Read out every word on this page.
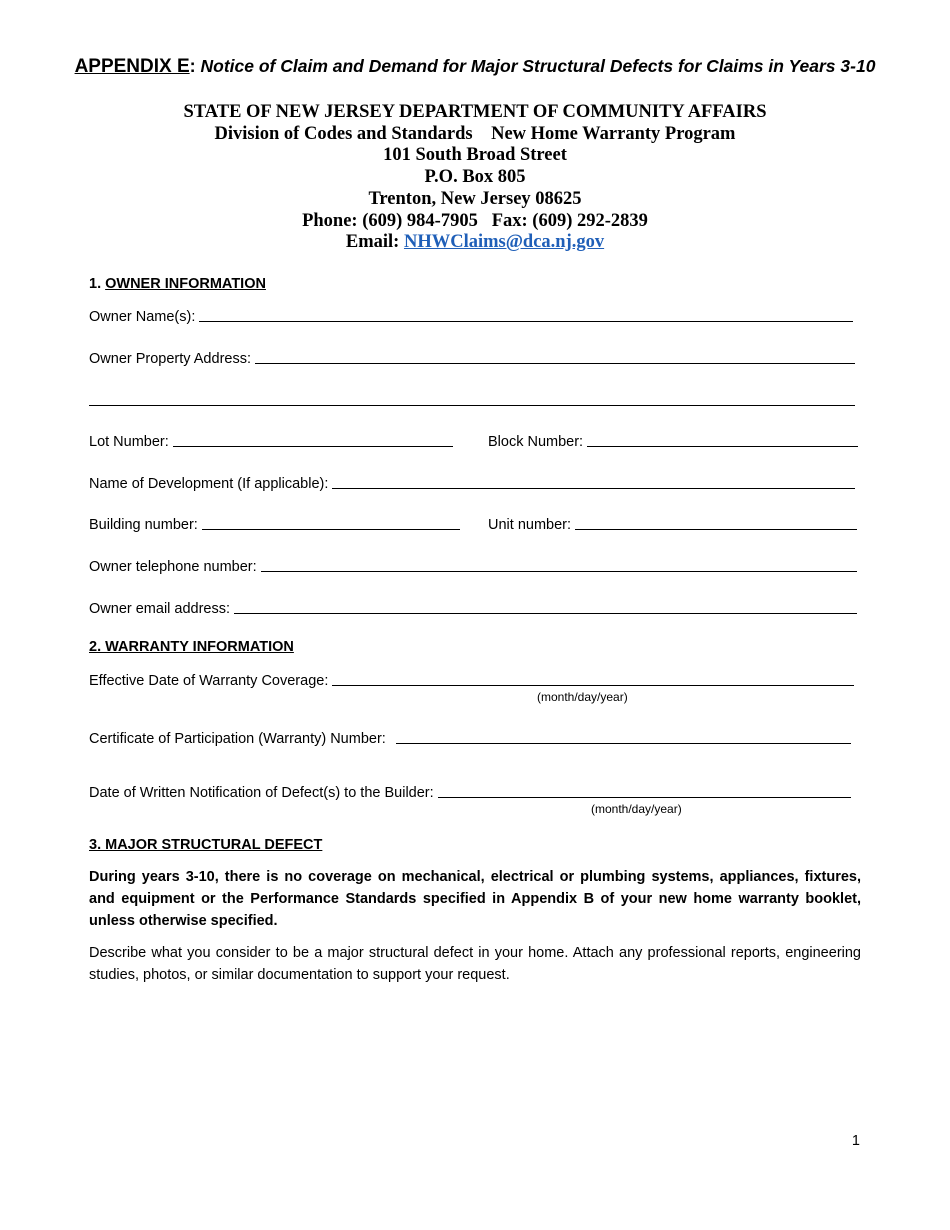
APPENDIX E: Notice of Claim and Demand for Major Structural Defects for Claims in Years 3-10
STATE OF NEW JERSEY DEPARTMENT OF COMMUNITY AFFAIRS
Division of Codes and Standards New Home Warranty Program
101 South Broad Street
P.O. Box 805
Trenton, New Jersey 08625
Phone: (609) 984-7905 Fax: (609) 292-2839
Email: NHWClaims@dca.nj.gov
1. OWNER INFORMATION
Owner Name(s):
Owner Property Address:
Lot Number:	Block Number:
Name of Development (If applicable):
Building number:	Unit number:
Owner telephone number:
Owner email address:
2. WARRANTY INFORMATION
Effective Date of Warranty Coverage:
(month/day/year)
Certificate of Participation (Warranty) Number:
Date of Written Notification of Defect(s) to the Builder:
(month/day/year)
3. MAJOR STRUCTURAL DEFECT
During years 3-10, there is no coverage on mechanical, electrical or plumbing systems, appliances, fixtures, and equipment or the Performance Standards specified in Appendix B of your new home warranty booklet, unless otherwise specified.
Describe what you consider to be a major structural defect in your home. Attach any professional reports, engineering studies, photos, or similar documentation to support your request.
1
